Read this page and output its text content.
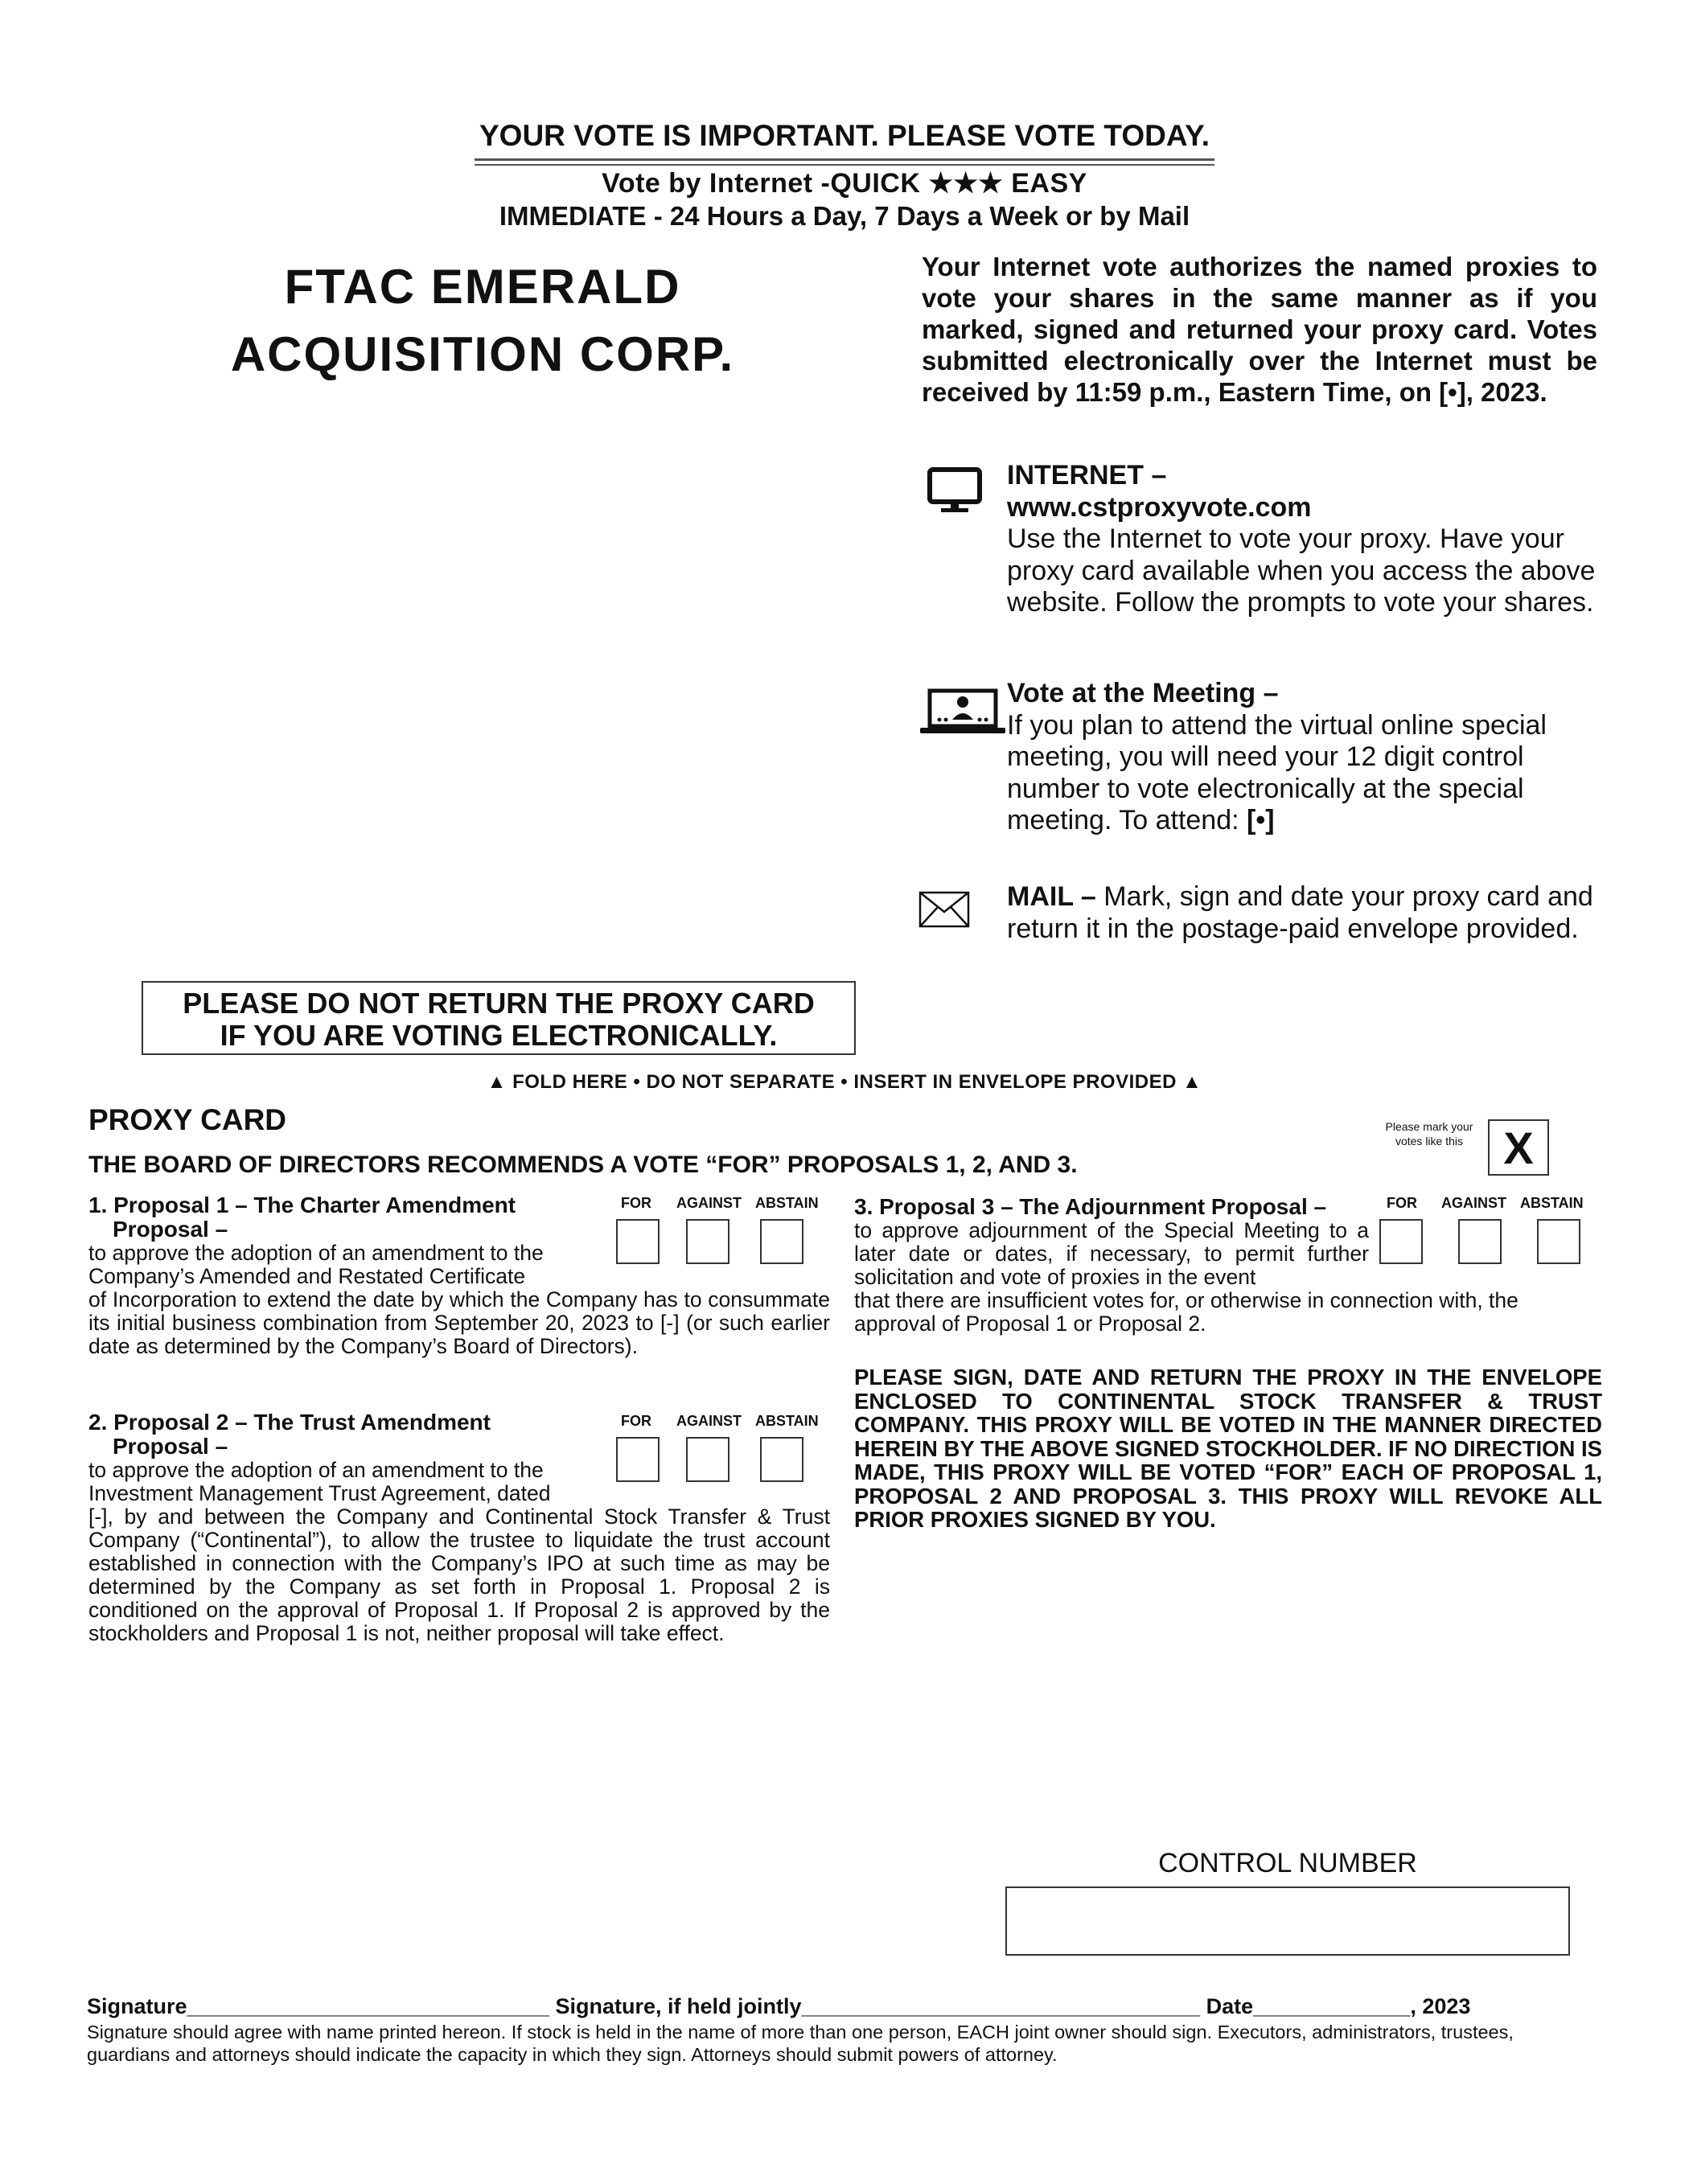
YOUR VOTE IS IMPORTANT. PLEASE VOTE TODAY.
Vote by Internet -QUICK ★★★ EASY
IMMEDIATE - 24 Hours a Day, 7 Days a Week or by Mail
FTAC EMERALD
ACQUISITION CORP.
Your Internet vote authorizes the named proxies to vote your shares in the same manner as if you marked, signed and returned your proxy card. Votes submitted electronically over the Internet must be received by 11:59 p.m., Eastern Time, on [•], 2023.
INTERNET –
www.cstproxyvote.com
Use the Internet to vote your proxy. Have your proxy card available when you access the above website. Follow the prompts to vote your shares.
Vote at the Meeting –
If you plan to attend the virtual online special meeting, you will need your 12 digit control number to vote electronically at the special meeting. To attend: [•]
MAIL – Mark, sign and date your proxy card and return it in the postage-paid envelope provided.
PLEASE DO NOT RETURN THE PROXY CARD
IF YOU ARE VOTING ELECTRONICALLY.
▲ FOLD HERE • DO NOT SEPARATE • INSERT IN ENVELOPE PROVIDED ▲
PROXY CARD
THE BOARD OF DIRECTORS RECOMMENDS A VOTE “FOR” PROPOSALS 1, 2, AND 3.
Please mark your votes like this X
1. Proposal 1 – The Charter Amendment
Proposal –
FOR AGAINST ABSTAIN
to approve the adoption of an amendment to the Company’s Amended and Restated Certificate
of Incorporation to extend the date by which the Company has to consummate its initial business combination from September 20, 2023 to [-] (or such earlier date as determined by the Company’s Board of Directors).
2. Proposal 2 – The Trust Amendment
Proposal –
FOR AGAINST ABSTAIN
to approve the adoption of an amendment to the Investment Management Trust Agreement, dated
[-], by and between the Company and Continental Stock Transfer & Trust Company (“Continental”), to allow the trustee to liquidate the trust account established in connection with the Company’s IPO at such time as may be determined by the Company as set forth in Proposal 1. Proposal 2 is conditioned on the approval of Proposal 1. If Proposal 2 is approved by the stockholders and Proposal 1 is not, neither proposal will take effect.
3. Proposal 3 – The Adjournment Proposal –	FOR AGAINST ABSTAIN
to approve adjournment of the Special Meeting to a later date or dates, if necessary, to permit further solicitation and vote of proxies in the event
that there are insufficient votes for, or otherwise in connection with, the approval of Proposal 1 or Proposal 2.
PLEASE SIGN, DATE AND RETURN THE PROXY IN THE ENVELOPE ENCLOSED TO CONTINENTAL STOCK TRANSFER & TRUST COMPANY. THIS PROXY WILL BE VOTED IN THE MANNER DIRECTED HEREIN BY THE ABOVE SIGNED STOCKHOLDER. IF NO DIRECTION IS MADE, THIS PROXY WILL BE VOTED “FOR” EACH OF PROPOSAL 1, PROPOSAL 2 AND PROPOSAL 3. THIS PROXY WILL REVOKE ALL PRIOR PROXIES SIGNED BY YOU.
CONTROL NUMBER
Signature______________________________ Signature, if held jointly_________________________________ Date_____________, 2023
Signature should agree with name printed hereon. If stock is held in the name of more than one person, EACH joint owner should sign. Executors, administrators, trustees, guardians and attorneys should indicate the capacity in which they sign. Attorneys should submit powers of attorney.
